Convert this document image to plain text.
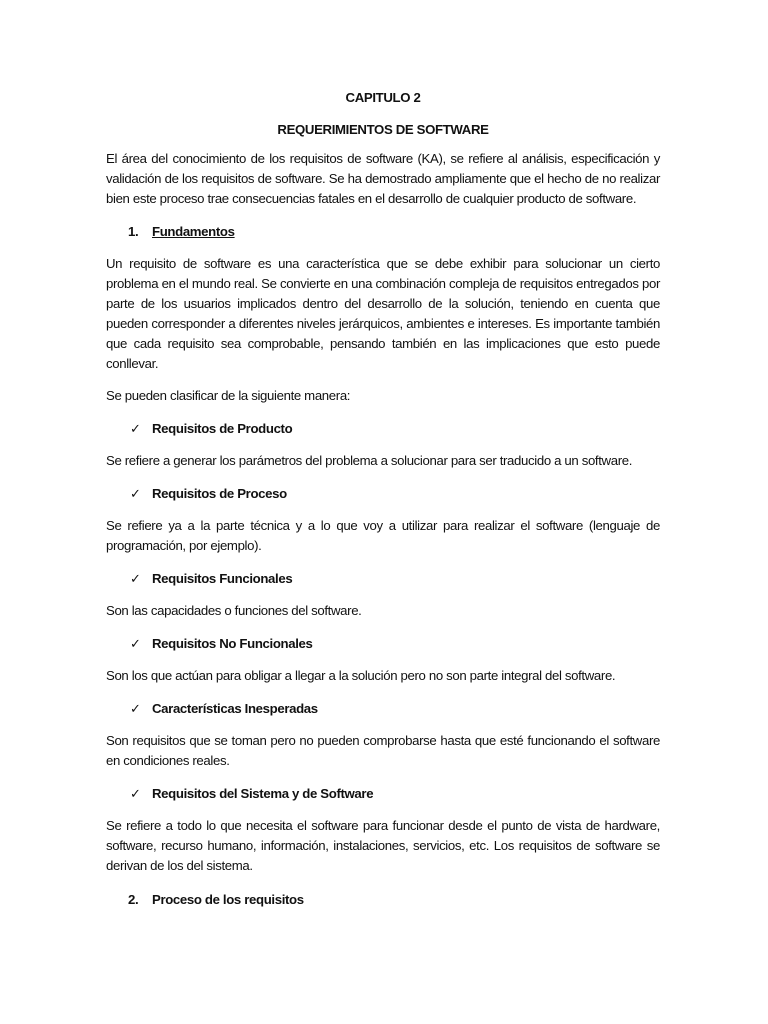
CAPITULO 2
REQUERIMIENTOS DE SOFTWARE

El área del conocimiento de los requisitos de software (KA), se refiere al análisis, especificación y validación de los requisitos de software. Se ha demostrado ampliamente que el hecho de no realizar bien este proceso trae consecuencias fatales en el desarrollo de cualquier producto de software.

1.	Fundamentos

Un requisito de software es una característica que se debe exhibir para solucionar un cierto problema en el mundo real. Se convierte en una combinación compleja de requisitos entregados por parte de los usuarios implicados dentro del desarrollo de la solución, teniendo en cuenta que pueden corresponder a diferentes niveles jerárquicos, ambientes e intereses. Es importante también que cada requisito sea comprobable, pensando también en las implicaciones que esto puede conllevar.

Se pueden clasificar de la siguiente manera:

✓ Requisitos de Producto

Se refiere a generar los parámetros del problema a solucionar para ser traducido a un software.

✓ Requisitos de Proceso

Se refiere ya a la parte técnica y a lo que voy a utilizar para realizar el software (lenguaje de programación, por ejemplo).

✓ Requisitos Funcionales

Son las capacidades o funciones del software.

✓ Requisitos No Funcionales

Son los que actúan para obligar a llegar a la solución pero no son parte integral del software.

✓ Características Inesperadas

Son requisitos que se toman pero no pueden comprobarse hasta que esté funcionando el software en condiciones reales.

✓ Requisitos del Sistema y de Software

Se refiere a todo lo que necesita el software para funcionar desde el punto de vista de hardware, software, recurso humano, información, instalaciones, servicios, etc. Los requisitos de software se derivan de los del sistema.

2.	Proceso de los requisitos
